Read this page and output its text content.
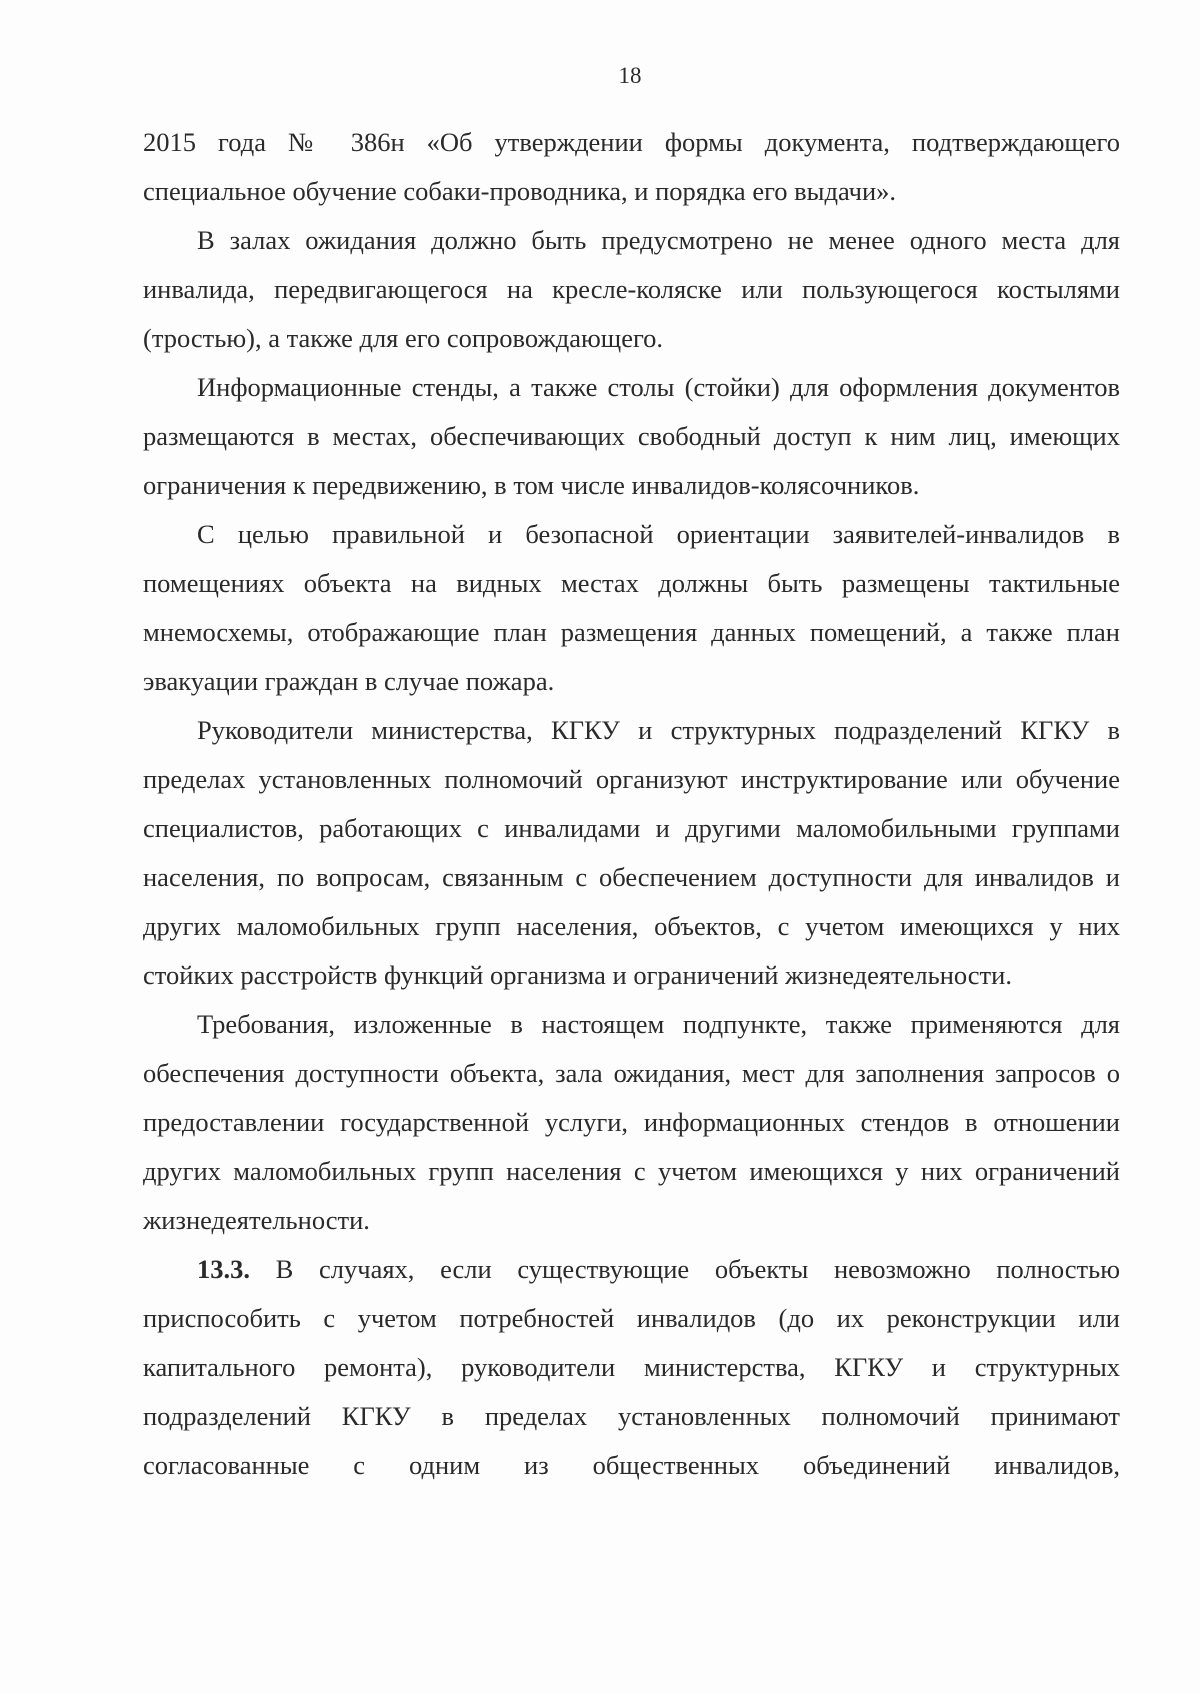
18

2015 года № 386н «Об утверждении формы документа, подтверждающего специальное обучение собаки-проводника, и порядка его выдачи».

В залах ожидания должно быть предусмотрено не менее одного места для инвалида, передвигающегося на кресле-коляске или пользующегося костылями (тростью), а также для его сопровождающего.

Информационные стенды, а также столы (стойки) для оформления документов размещаются в местах, обеспечивающих свободный доступ к ним лиц, имеющих ограничения к передвижению, в том числе инвалидов-колясочников.

С целью правильной и безопасной ориентации заявителей-инвалидов в помещениях объекта на видных местах должны быть размещены тактильные мнемосхемы, отображающие план размещения данных помещений, а также план эвакуации граждан в случае пожара.

Руководители министерства, КГКУ и структурных подразделений КГКУ в пределах установленных полномочий организуют инструктирование или обучение специалистов, работающих с инвалидами и другими маломобильными группами населения, по вопросам, связанным с обеспечением доступности для инвалидов и других маломобильных групп населения, объектов, с учетом имеющихся у них стойких расстройств функций организма и ограничений жизнедеятельности.

Требования, изложенные в настоящем подпункте, также применяются для обеспечения доступности объекта, зала ожидания, мест для заполнения запросов о предоставлении государственной услуги, информационных стендов в отношении других маломобильных групп населения с учетом имеющихся у них ограничений жизнедеятельности.

13.3. В случаях, если существующие объекты невозможно полностью приспособить с учетом потребностей инвалидов (до их реконструкции или капитального ремонта), руководители министерства, КГКУ и структурных подразделений КГКУ в пределах установленных полномочий принимают согласованные с одним из общественных объединений инвалидов,
